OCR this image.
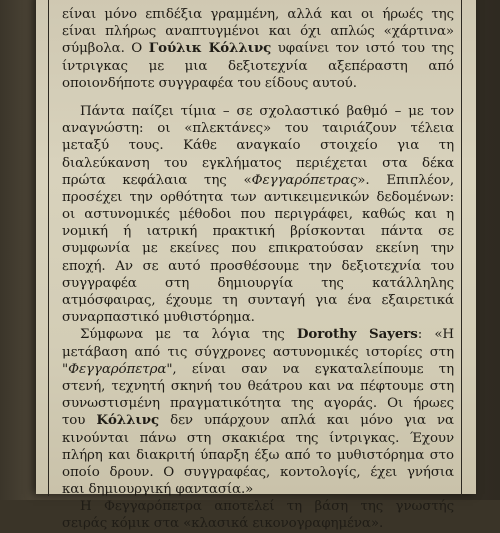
είναι μόνο επιδέξια γραμμένη, αλλά και οι ήρωές της
είναι πλήρως αναπτυγμένοι και όχι απλώς «χάρτινα»
σύμβολα. Ο Γούλικ Κόλλινς υφαίνει τον ιστό του της
ίντριγκας με μια δεξιοτεχνία αξεπέραστη από
οποιονδήποτε συγγραφέα του είδους αυτού.
Πάντα παίζει τίμια – σε σχολαστικό βαθμό – με τον
αναγνώστη: οι «πλεκτάνες» του ταιριάζουν τέλεια
μεταξύ τους. Κάθε αναγκαίο στοιχείο για τη
διαλεύκανση του εγκλήματος περιέχεται στα δέκα
πρώτα κεφάλαια της «Φεγγαρόπετρας». Επιπλέον,
προσέχει την ορθότητα των αντικειμενικών δεδομένων:
οι αστυνομικές μέθοδοι που περιγράφει, καθώς και η
νομική ή ιατρική πρακτική βρίσκονται πάντα σε
συμφωνία με εκείνες που επικρατούσαν εκείνη την
εποχή. Αν σε αυτό προσθέσουμε την δεξιοτεχνία του
συγγραφέα στη δημιουργία της κατάλληλης
ατμόσφαιρας, έχουμε τη συνταγή για ένα εξαιρετικά
συναρπαστικό μυθιστόρημα.
Σύμφωνα με τα λόγια της Dorothy Sayers: «Η
μετάβαση από τις σύγχρονες αστυνομικές ιστορίες στη
"Φεγγαρόπετρα", είναι σαν να εγκαταλείπουμε τη
στενή, τεχνητή σκηνή του θεάτρου και να πέφτουμε στη
συνωστισμένη πραγματικότητα της αγοράς. Οι ήρωες
του Κόλλινς δεν υπάρχουν απλά και μόνο για να
κινούνται πάνω στη σκακιέρα της ίντριγκας. Έχουν
πλήρη και διακριτή ύπαρξη έξω από το μυθιστόρημα στο
οποίο δρουν. Ο συγγραφέας, κοντολογίς, έχει γνήσια
και δημιουργική φαντασία.»
Η Φεγγαρόπετρα αποτελεί τη βάση της γνωστής
σειράς κόμικ στα «κλασικά εικονογραφημένα».
